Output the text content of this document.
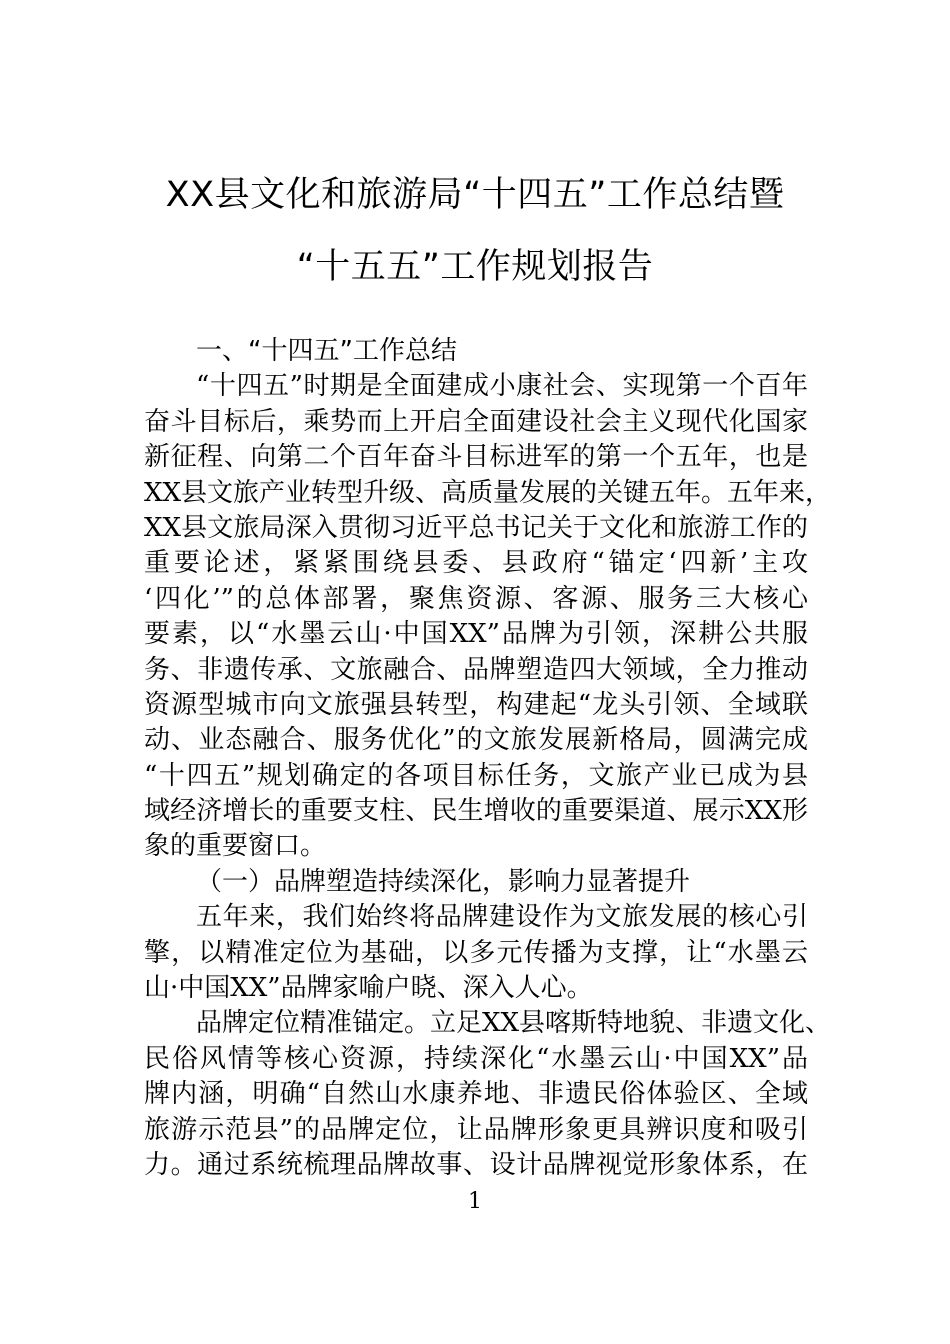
XX县文化和旅游局“十四五”工作总结暨
“十五五”工作规划报告
一、“十四五”工作总结
“十四五”时期是全面建成小康社会、实现第一个百年
奋斗目标后，乘势而上开启全面建设社会主义现代化国家
新征程、向第二个百年奋斗目标进军的第一个五年，也是
XX县文旅产业转型升级、高质量发展的关键五年。五年来，
XX县文旅局深入贯彻习近平总书记关于文化和旅游工作的
重要论述，紧紧围绕县委、县政府“锚定‘四新’主攻
‘四化’”的总体部署，聚焦资源、客源、服务三大核心
要素，以“水墨云山·中国XX”品牌为引领，深耕公共服
务、非遗传承、文旅融合、品牌塑造四大领域，全力推动
资源型城市向文旅强县转型，构建起“龙头引领、全域联
动、业态融合、服务优化”的文旅发展新格局，圆满完成
“十四五”规划确定的各项目标任务，文旅产业已成为县
域经济增长的重要支柱、民生增收的重要渠道、展示XX形
象的重要窗口。
（一）品牌塑造持续深化，影响力显著提升
五年来，我们始终将品牌建设作为文旅发展的核心引
擎，以精准定位为基础，以多元传播为支撑，让“水墨云
山·中国XX”品牌家喻户晓、深入人心。
品牌定位精准锚定。立足XX县喀斯特地貌、非遗文化、
民俗风情等核心资源，持续深化“水墨云山·中国XX”品
牌内涵，明确“自然山水康养地、非遗民俗体验区、全域
旅游示范县”的品牌定位，让品牌形象更具辨识度和吸引
力。通过系统梳理品牌故事、设计品牌视觉形象体系，在
1
